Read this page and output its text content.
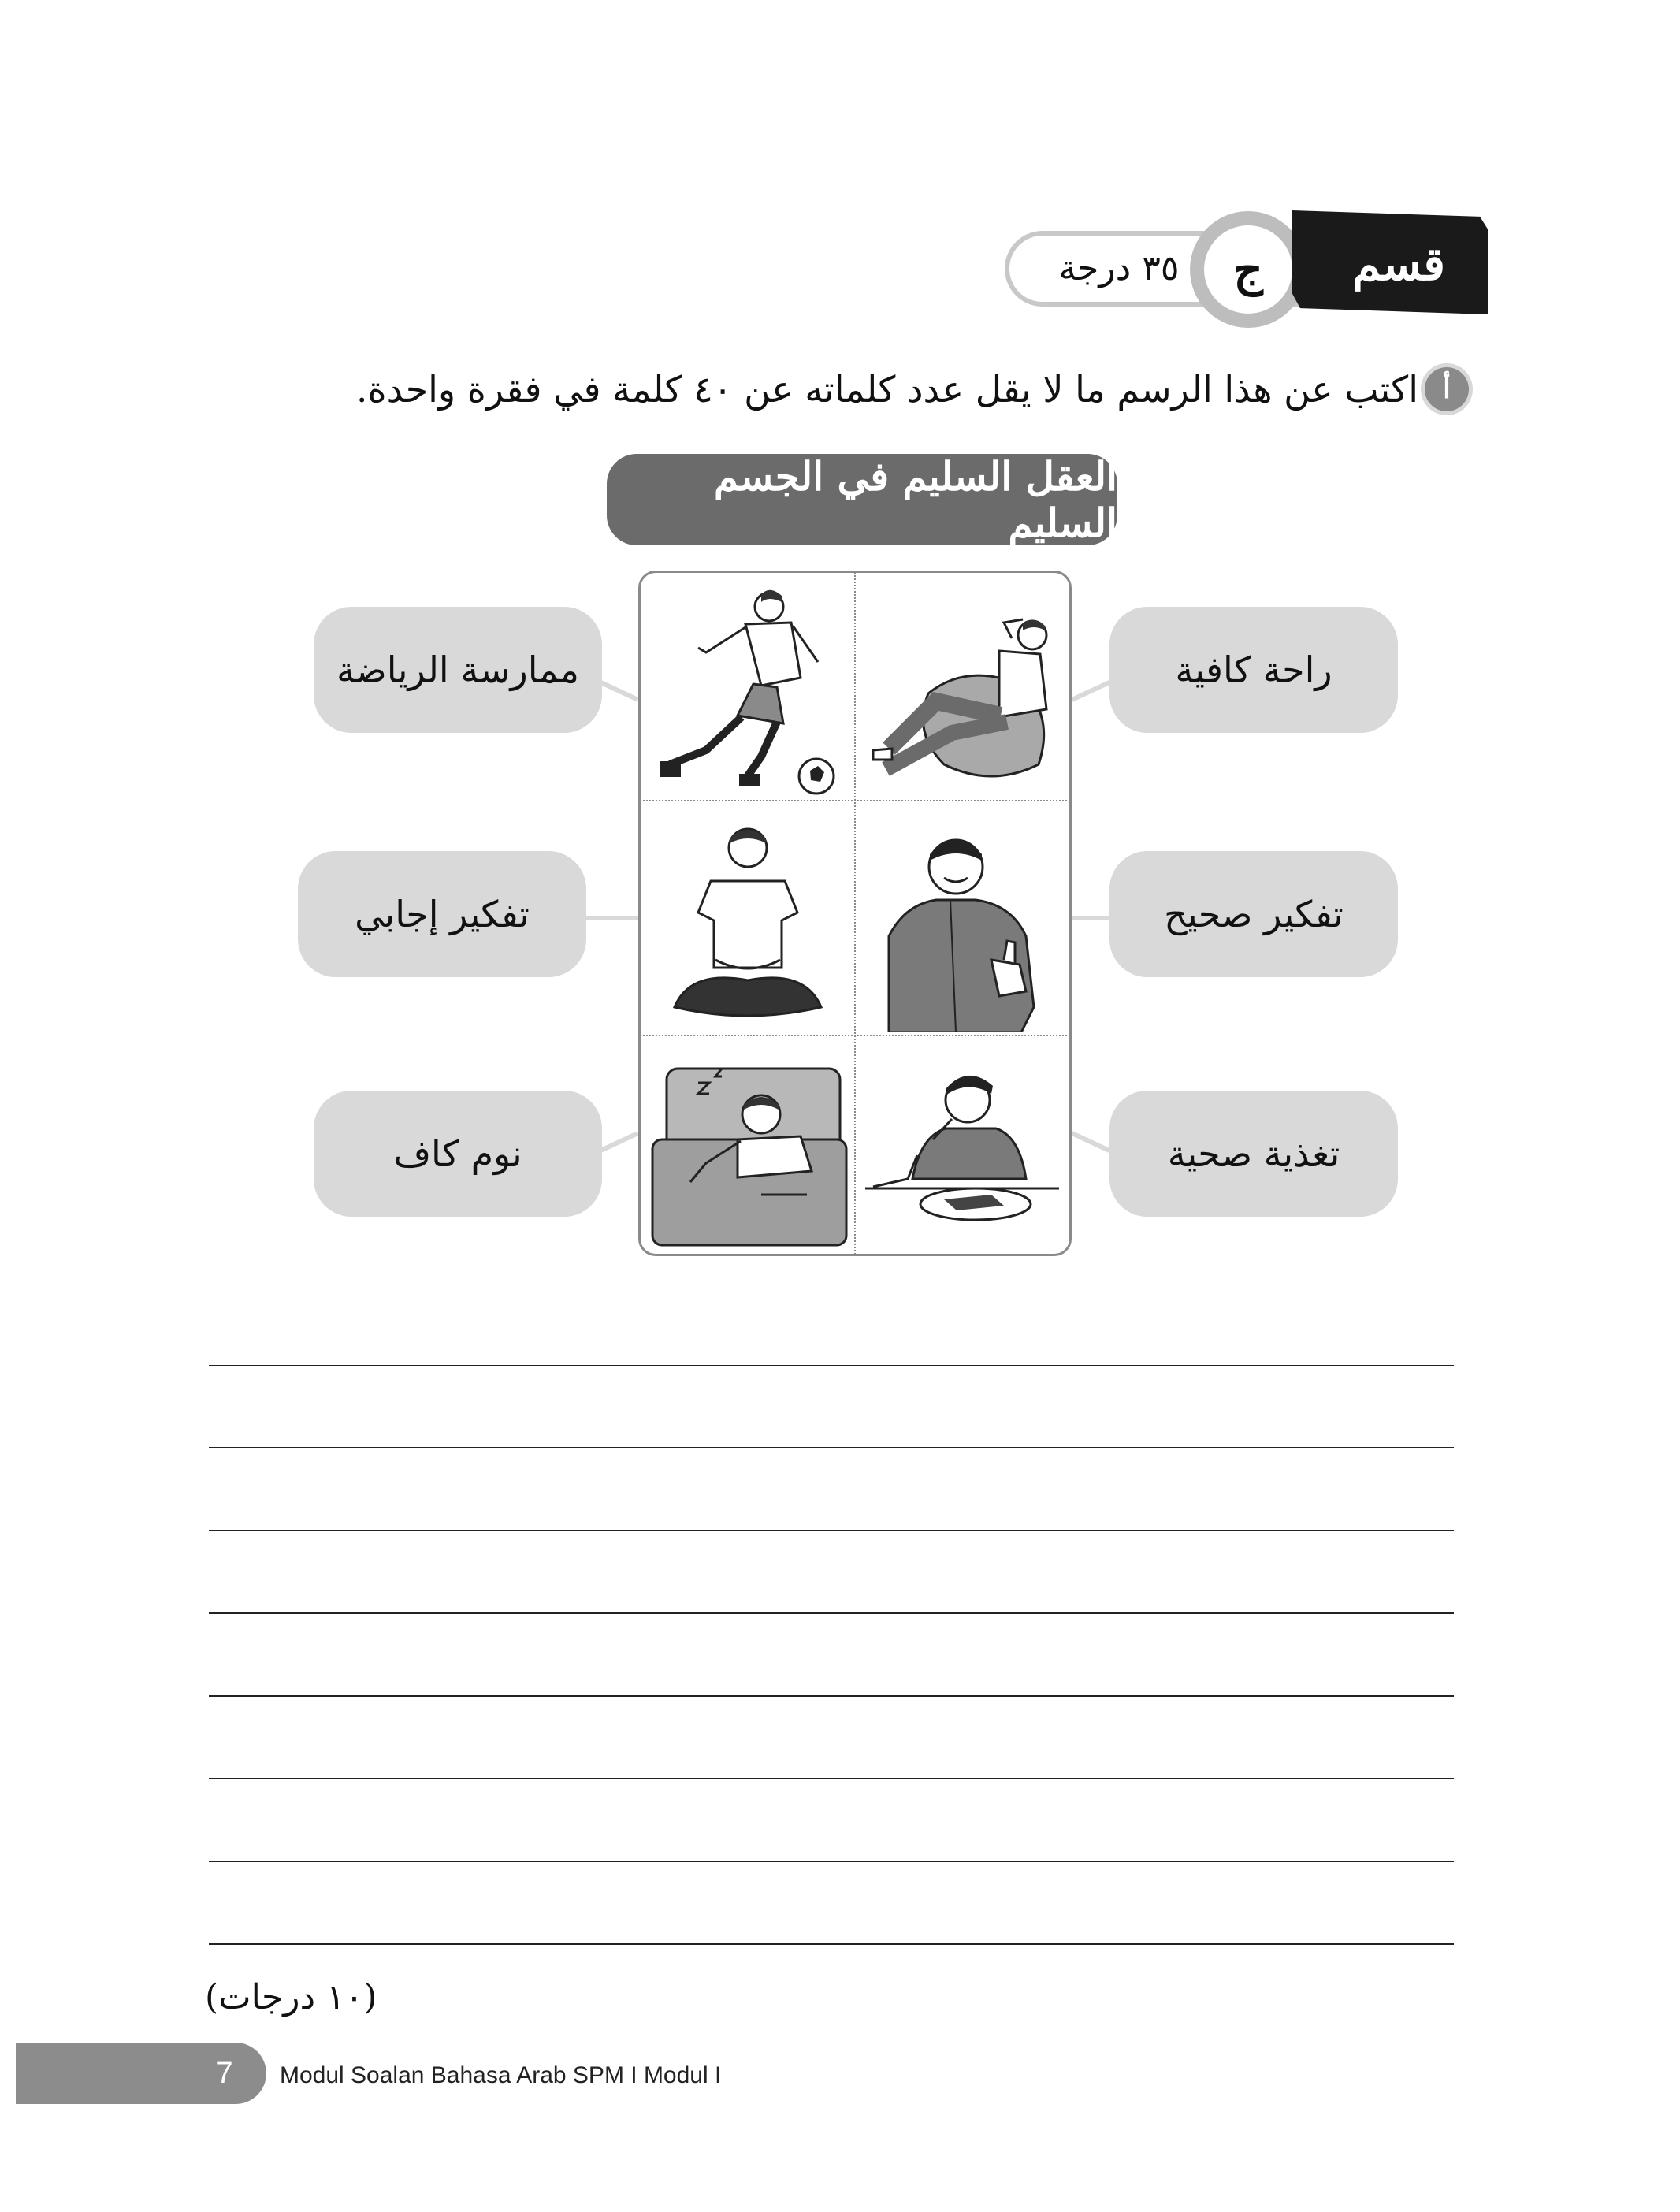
٣٥ درجة	ج	قسم
اكتب عن هذا الرسم ما لا يقل عدد كلماته عن ٤٠ كلمة في فقرة واحدة. أ
العقل السليم في الجسم السليم
ممارسة الرياضة
تفكير إجابي
نوم كاف
راحة كافية
تفكير صحيح
تغذية صحية
(١٠ درجات)
7	Modul Soalan Bahasa Arab SPM I Modul I
